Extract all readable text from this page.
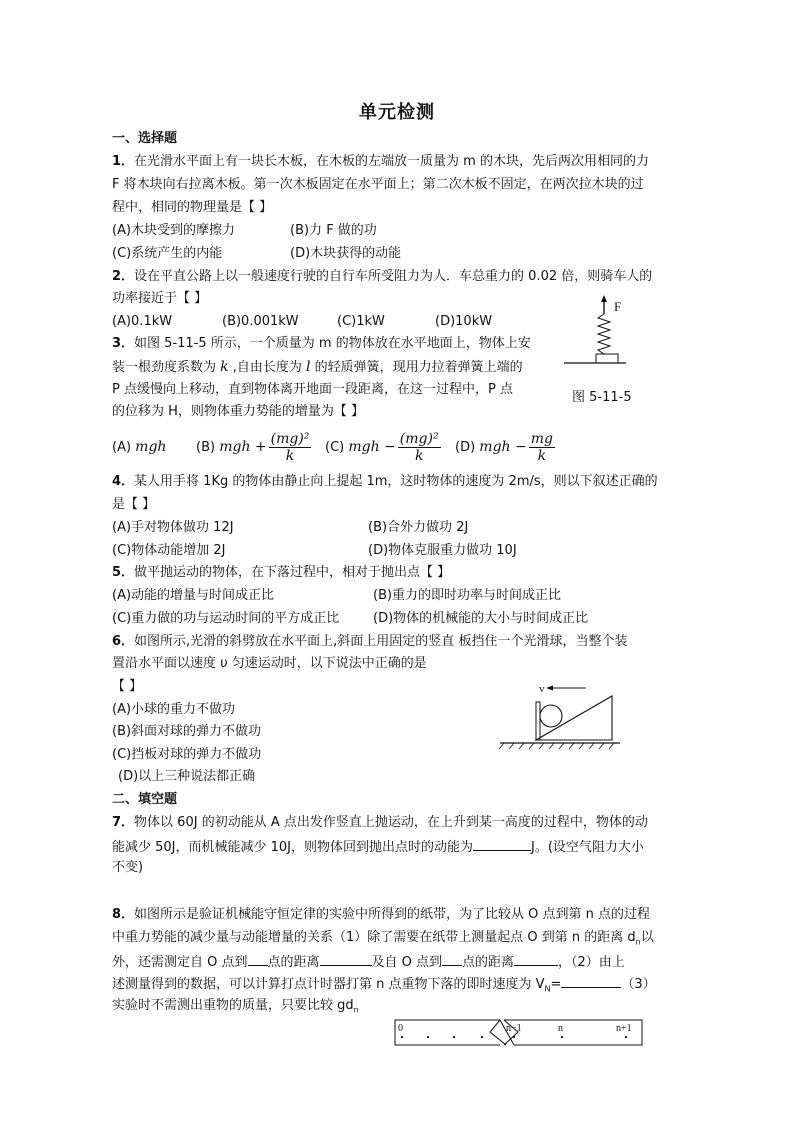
单元检测
一、选择题
1．在光滑水平面上有一块长木板，在木板的左端放一质量为 m 的木块，先后两次用相同的力
F 将木块向右拉离木板。第一次木板固定在水平面上；第二次木板不固定，在两次拉木块的过
程中，相同的物理量是【 】
(A)木块受到的摩擦力	(B)力 F 做的功
(C)系统产生的内能	(D)木块获得的动能
2．设在平直公路上以一般速度行驶的自行车所受阻力为人．车总重力的 0.02 倍，则骑车人的
功率接近于【 】
(A)0.1kW	(B)0.001kW	(C)1kW	(D)10kW
3．如图 5-11-5 所示，一个质量为 m 的物体放在水平地面上，物体上安
装一根劲度系数为 k ,自由长度为 l 的轻质弹簧，现用力拉着弹簧上端的
P 点缓慢向上移动，直到物体离开地面一段距离，在这一过程中，P 点
的位移为 H，则物体重力势能的增量为【 】
F
图 5-11-5
(A) mgh (B) mgh + $\frac{\text{(mg)²}}{k} (C)$ mgh − $\frac{\text{(mg)²}}{k} (D)$ mgh − $\frac{mg}{k}$
4．某人用手将 1Kg 的物体由静止向上提起 1m，这时物体的速度为 2m/s，则以下叙述正确的
是【 】
(A)手对物体做功 12J	(B)合外力做功 2J
(C)物体动能增加 2J	(D)物体克服重力做功 10J
5．做平抛运动的物体，在下落过程中，相对于抛出点【 】
(A)动能的增量与时间成正比	(B)重力的即时功率与时间成正比
(C)重力做的功与运动时间的平方成正比	(D)物体的机械能的大小与时间成正比
6．如图所示,光滑的斜劈放在水平面上,斜面上用固定的竖直 板挡住一个光滑球，当整个装
置沿水平面以速度 υ 匀速运动时，以下说法中正确的是
【 】
(A)小球的重力不做功
(B)斜面对球的弹力不做功
(C)挡板对球的弹力不做功
(D)以上三种说法都正确
v
二、填空题
7．物体以 60J 的初动能从 A 点出发作竖直上抛运动，在上升到某一高度的过程中，物体的动
能减少 50J，而机械能减少 10J，则物体回到抛出点时的动能为	J。(设空气阻力大小
不变)
8．如图所示是验证机械能守恒定律的实验中所得到的纸带，为了比较从 O 点到第 n 点的过程
中重力势能的减少量与动能增量的关系（1）除了需要在纸带上测量起点 O 到第 n 的距离 $d_n$以
外，还需测定自 O 点到 点的距离	及自 O 点到 点的距离	，（2）由上
述测量得到的数据，可以计算打点计时器打第 n 点重物下落的即时速度为 $V_N=$	（3）
实验时不需测出重物的质量，只要比较 $gd_n$
0	n−1	n	n+1
